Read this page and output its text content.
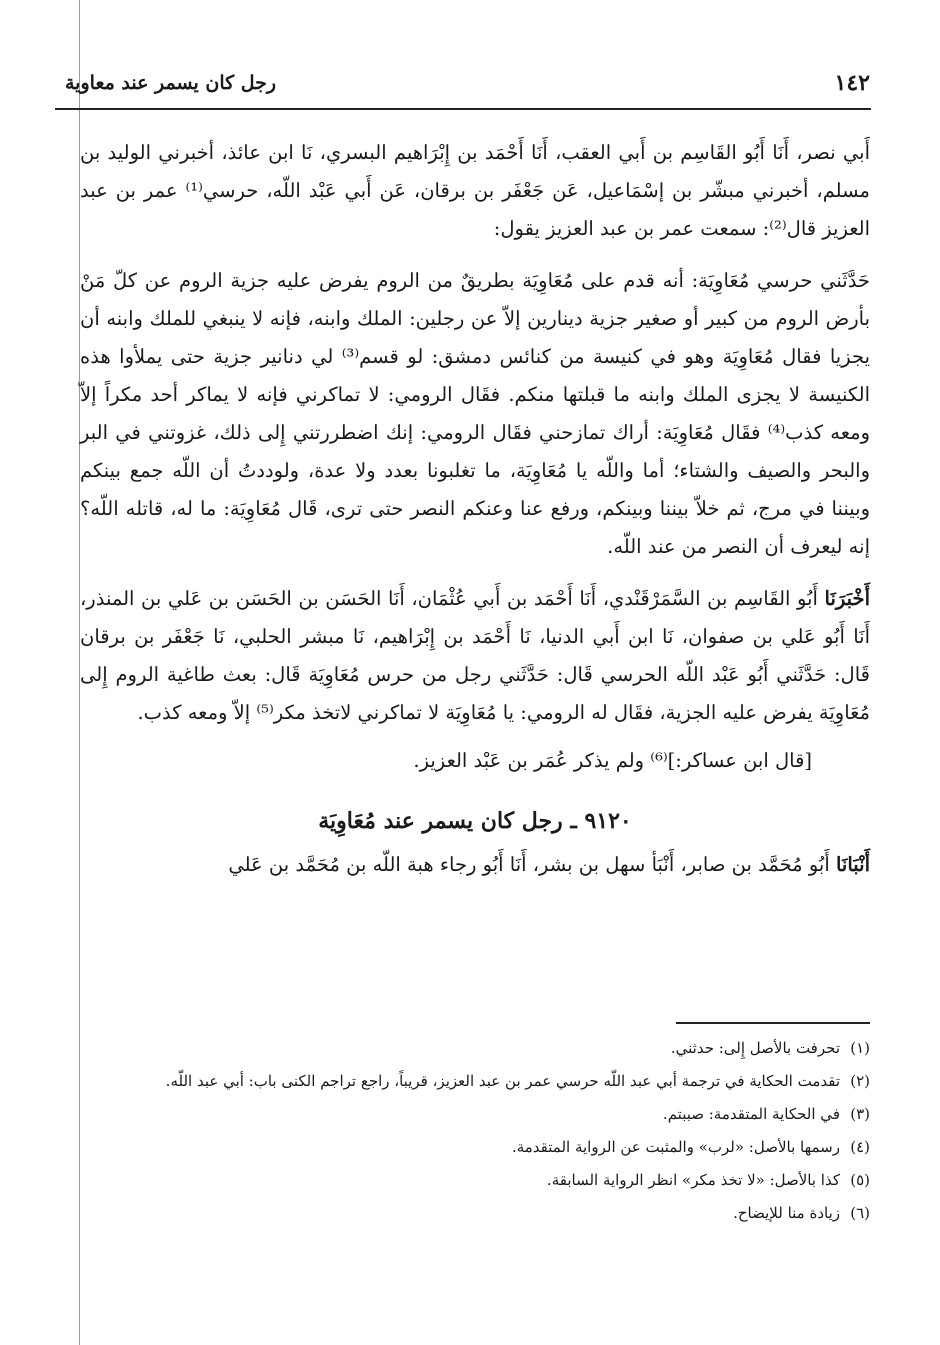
١٤٢
رجل كان يسمر عند معاوية

أَبي نصر، أَنَا أَبُو القَاسِم بن أَبي العقب، أَنَا أَحْمَد بن إِبْرَاهيم البسري، نَا ابن عائذ، أخبرني الوليد بن مسلم، أخبرني مبشّر بن إسْمَاعيل، عَن جَعْفَر بن برقان، عَن أَبي عَبْد اللّه، حرسي⁽¹⁾ عمر بن عبد العزيز قال⁽²⁾: سمعت عمر بن عبد العزيز يقول:

حَدَّثَني حرسي مُعَاوِيَة: أنه قدم على مُعَاوِيَة بطريقٌ من الروم يفرض عليه جزية الروم عن كلّ مَنْ بأرض الروم من كبير أو صغير جزية دينارين إلاّ عن رجلين: الملك وابنه، فإنه لا ينبغي للملك وابنه أن يجزيا فقال مُعَاوِيَة وهو في كنيسة من كنائس دمشق: لو قسم⁽³⁾ لي دنانير جزية حتى يملأوا هذه الكنيسة لا يجزى الملك وابنه ما قبلتها منكم. فقَال الرومي: لا تماكرني فإنه لا يماكر أحد مكراً إلاّ ومعه كذب⁽⁴⁾ فقَال مُعَاوِيَة: أراك تمازحني فقَال الرومي: إنك اضطررتني إِلى ذلك، غزوتني في البر والبحر والصيف والشتاء؛ أما واللّه يا مُعَاوِيَة، ما تغلبونا بعدد ولا عدة، ولوددتُ أن اللّه جمع بينكم وبيننا في مرج، ثم خلاّ بيننا وبينكم، ورفع عنا وعنكم النصر حتى ترى، قَال مُعَاوِيَة: ما له، قاتله اللّه؟ إنه ليعرف أن النصر من عند اللّه.

أَخْبَرَنَا أَبُو القَاسِم بن السَّمَرْقَنْدي، أَنَا أَحْمَد بن أَبي عُثْمَان، أَنَا الحَسَن بن الحَسَن بن عَلي بن المنذر، أَنَا أَبُو عَلي بن صفوان، نَا ابن أَبي الدنيا، نَا أَحْمَد بن إِبْرَاهيم، نَا مبشر الحلبي، نَا جَعْفَر بن برقان قَال: حَدَّثَني أَبُو عَبْد اللّه الحرسي قَال: حَدَّثَني رجل من حرس مُعَاوِيَة قَال: بعث طاغية الروم إِلى مُعَاوِيَة يفرض عليه الجزية، فقَال له الرومي: يا مُعَاوِيَة لا تماكرني لاتخذ مكر⁽⁵⁾ إلاّ ومعه كذب.

[قال ابن عساكر:]⁽⁶⁾ ولم يذكر عُمَر بن عَبْد العزيز.

٩١٢٠ ـ رجل كان يسمر عند مُعَاوِيَة

أَنْبَانَا أَبُو مُحَمَّد بن صابر، أَنْبَأ سهل بن بشر، أَنَا أَبُو رجاء هبة اللّه بن مُحَمَّد بن عَلي

(١)
تحرفت بالأصل إِلى: حدثني.
(٢)
تقدمت الحكاية في ترجمة أبي عبد اللّه حرسي عمر بن عبد العزيز، قريباً، راجع تراجم الكنى باب: أبي عبد اللّه.
(٣)
في الحكاية المتقدمة: صببتم.
(٤)
رسمها بالأصل: «لرب» والمثبت عن الرواية المتقدمة.
(٥)
كذا بالأصل: «لا تخذ مكر» انظر الرواية السابقة.
(٦)
زيادة منا للإيضاح.
